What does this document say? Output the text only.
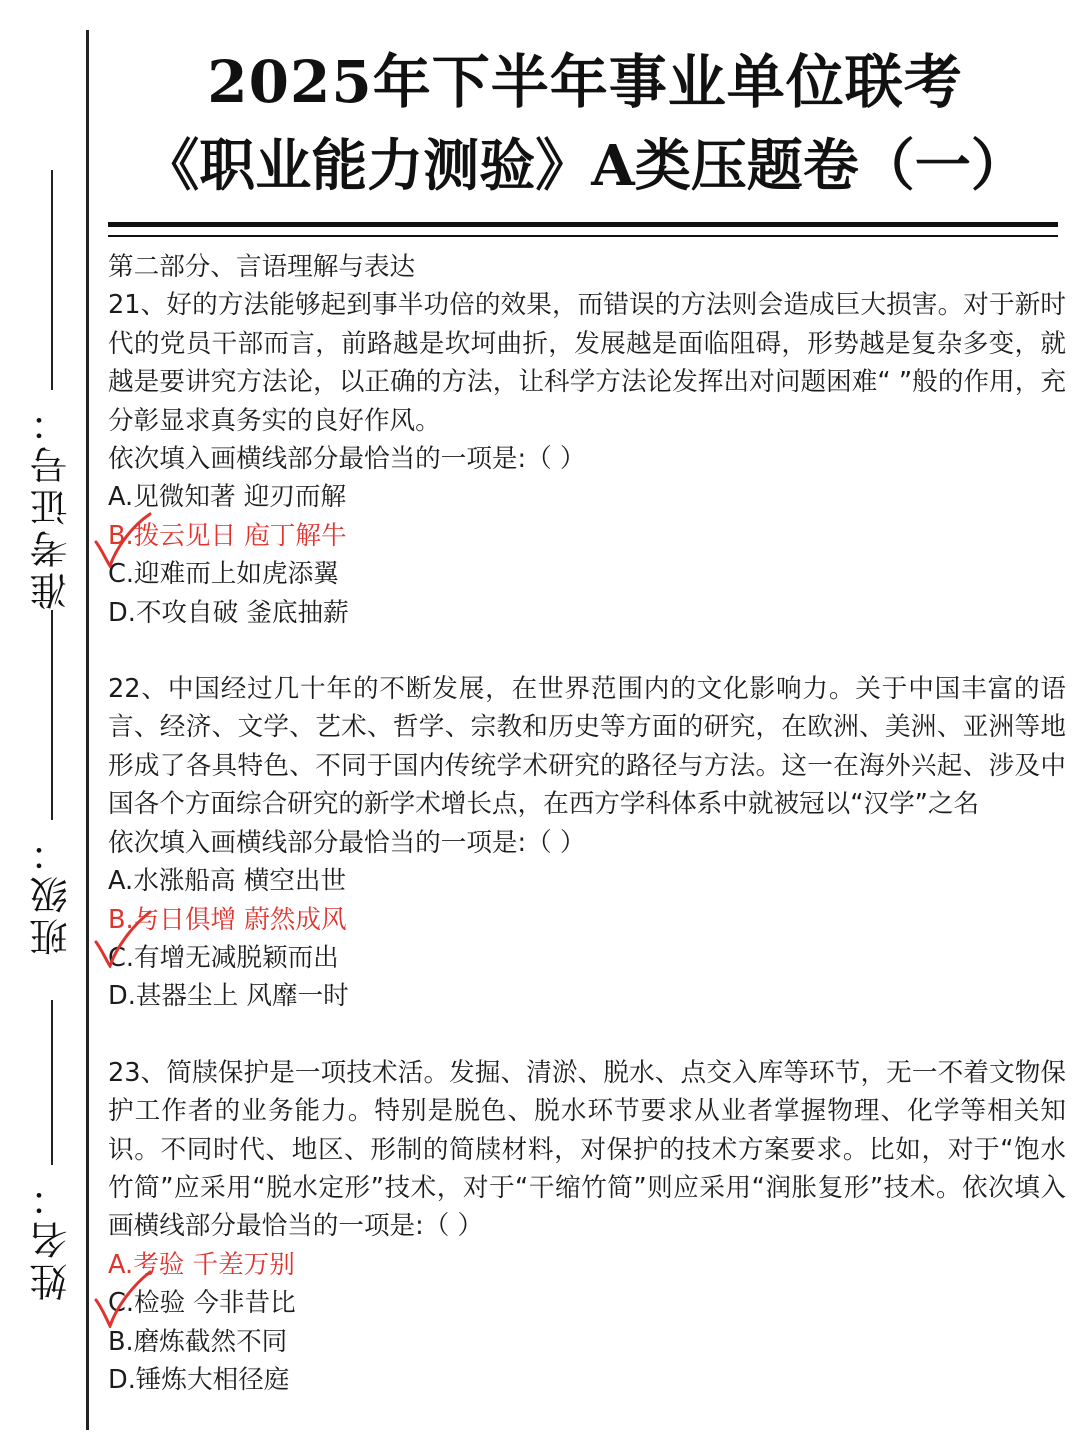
准考证号：
班级：
姓名：
2025年下半年事业单位联考
《职业能力测验》A类压题卷（一）

第二部分、言语理解与表达

21、好的方法能够起到事半功倍的效果，而错误的方法则会造成巨大损害。对于新时代的党员干部而言，前路越是坎坷曲折，发展越是面临阻碍，形势越是复杂多变，就越是要讲究方法论，以正确的方法，让科学方法论发挥出对问题困难“ ”般的作用，充分彰显求真务实的良好作风。

依次填入画横线部分最恰当的一项是:（ ）

A.见微知著 迎刃而解

B.拨云见日 庖丁解牛

C.迎难而上如虎添翼

D.不攻自破 釜底抽薪

22、中国经过几十年的不断发展，在世界范围内的文化影响力。关于中国丰富的语言、经济、文学、艺术、哲学、宗教和历史等方面的研究，在欧洲、美洲、亚洲等地形成了各具特色、不同于国内传统学术研究的路径与方法。这一在海外兴起、涉及中国各个方面综合研究的新学术增长点，在西方学科体系中就被冠以“汉学”之名

依次填入画横线部分最恰当的一项是:（ ）

A.水涨船高 横空出世

B.与日俱增 蔚然成风

C.有增无减脱颖而出

D.甚器尘上 风靡一时

23、简牍保护是一项技术活。发掘、清淤、脱水、点交入库等环节，无一不着文物保护工作者的业务能力。特别是脱色、脱水环节要求从业者掌握物理、化学等相关知识。不同时代、地区、形制的简牍材料，对保护的技术方案要求。比如，对于“饱水竹简”应采用“脱水定形”技术，对于“干缩竹简”则应采用“润胀复形”技术。依次填入画横线部分最恰当的一项是:（ ）

A.考验 千差万别

C.检验 今非昔比

B.磨炼截然不同

D.锤炼大相径庭
